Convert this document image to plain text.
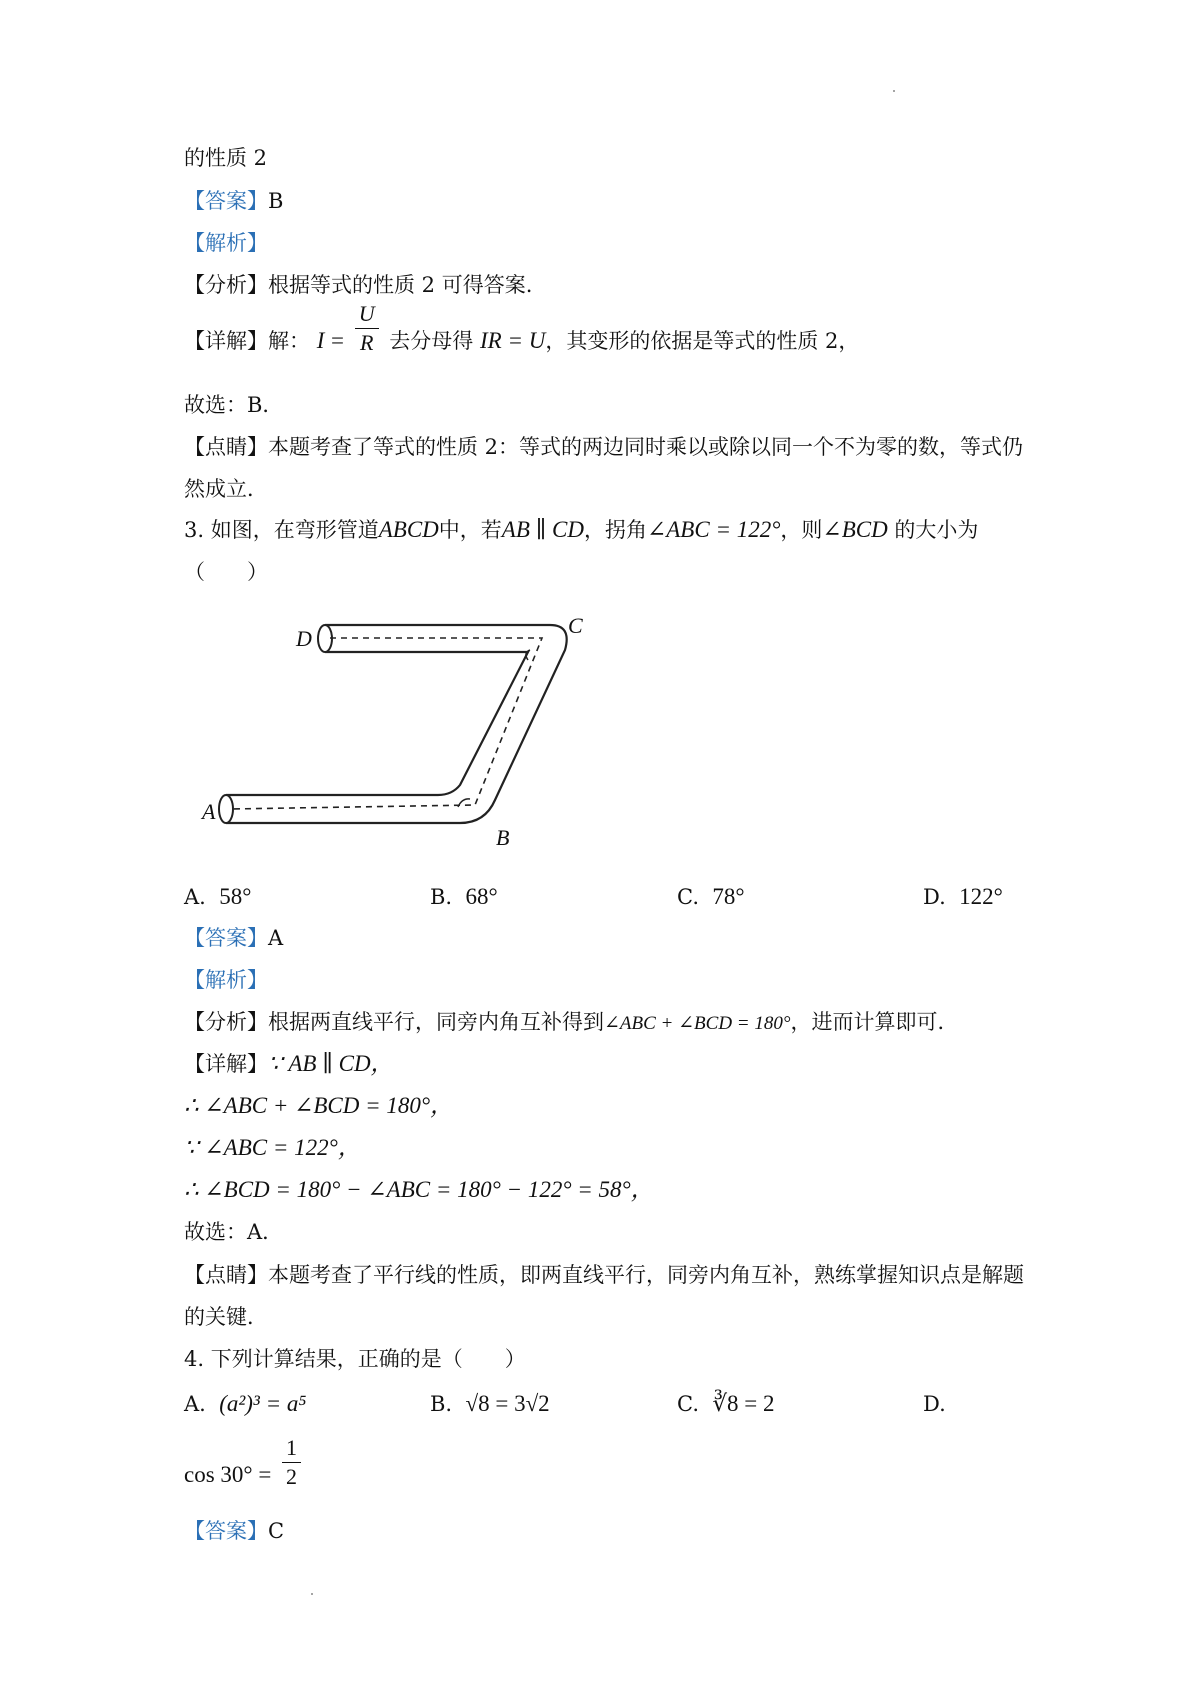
的性质 2
【答案】B
【解析】
【分析】根据等式的性质 2 可得答案.
【详解】解： $I = \frac{U}{R}$ 去分母得 IR = U，其变形的依据是等式的性质 2，
故选：B．
【点睛】本题考查了等式的性质 2：等式的两边同时乘以或除以同一个不为零的数，等式仍
然成立．
3. 如图，在弯形管道ABCD中，若AB ∥ CD，拐角∠ABC = 122°，则∠BCD 的大小为
（　　）
D
C
A
B
A. 58°	B. 68°	C. 78°	D. 122°
【答案】A
【解析】
【分析】根据两直线平行，同旁内角互补得到∠ABC + ∠BCD = 180°，进而计算即可．
【详解】∵ AB ∥ CD，
∴ ∠ABC + ∠BCD = 180°，
∵ ∠ABC = 122°，
∴ ∠BCD = 180° − ∠ABC = 180° − 122° = 58°，
故选：A．
【点睛】本题考查了平行线的性质，即两直线平行，同旁内角互补，熟练掌握知识点是解题
的关键．
4. 下列计算结果，正确的是（　　）
A. (a²)³ = a⁵	B. √8 = 3√2	C. ∛8 = 2	D.
$\cos 30^\circ = \frac{1}{2}$
【答案】C
